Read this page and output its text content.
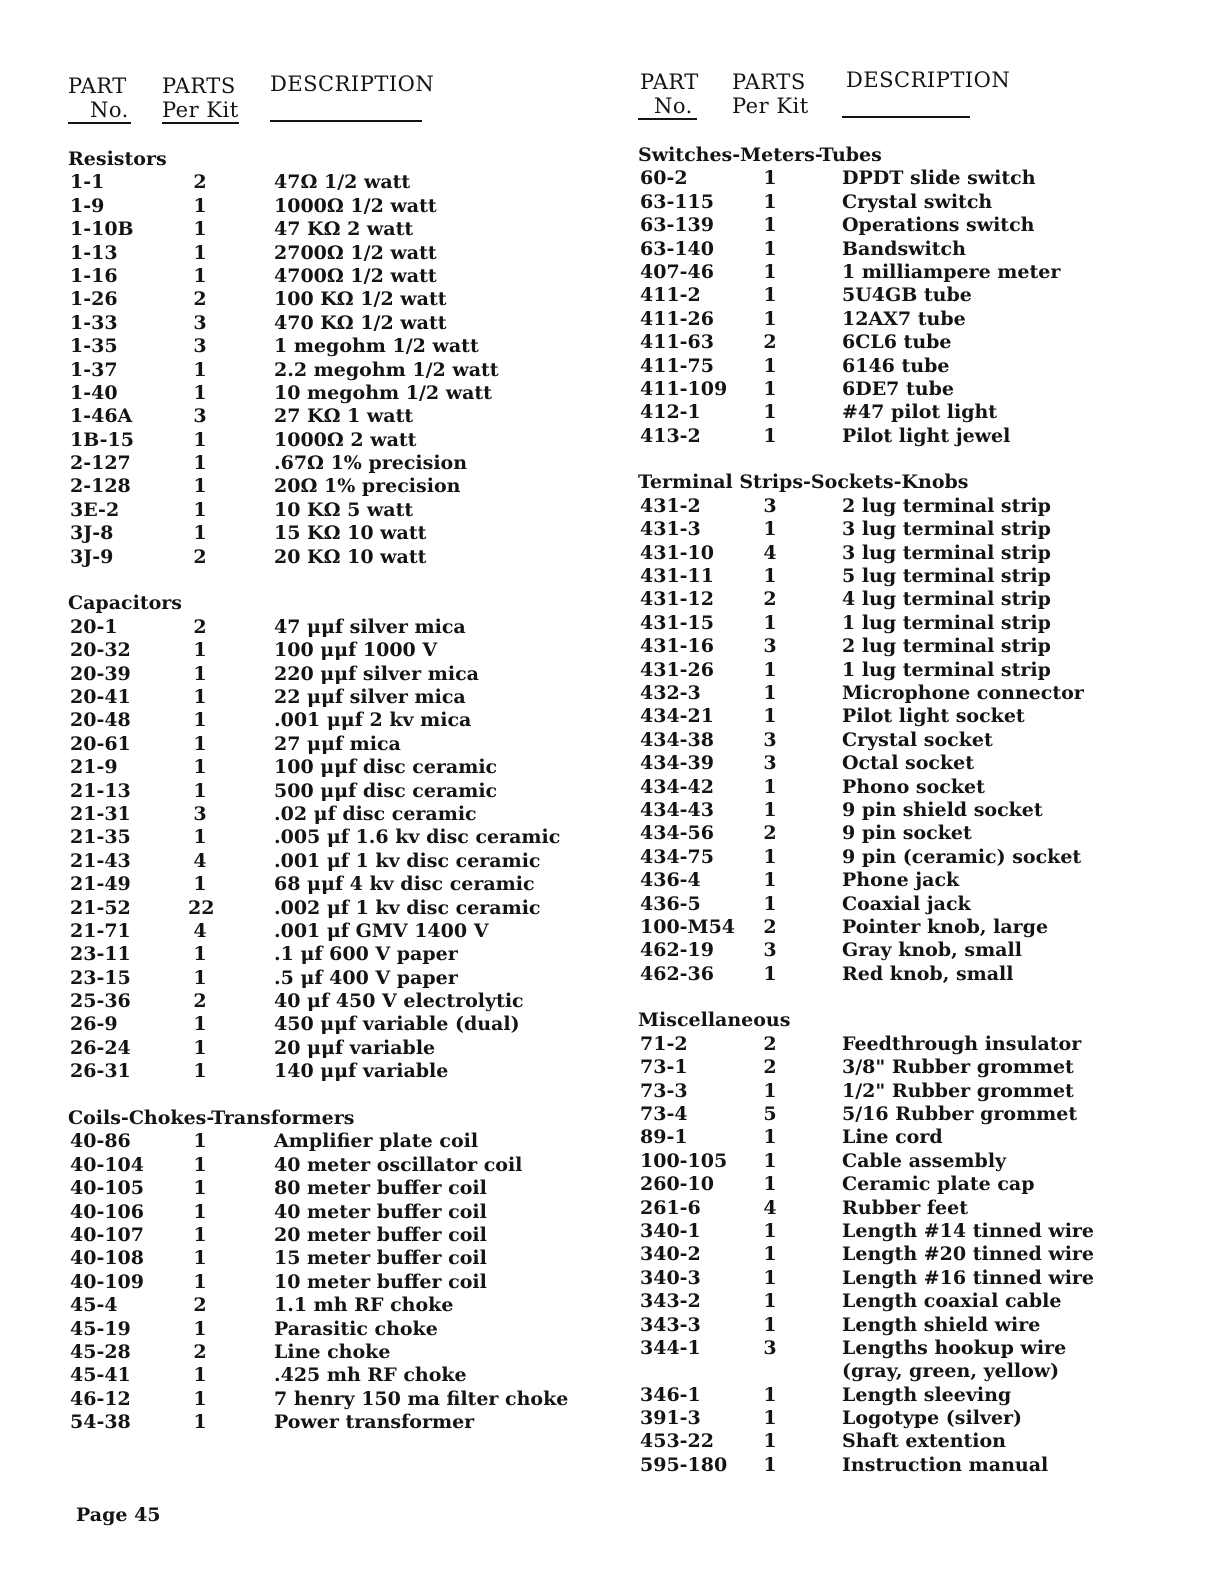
PART
No.
PARTS
Per Kit
DESCRIPTION
Resistors
1-1	2	47Ω 1/2 watt
1-9	1	1000Ω 1/2 watt
1-10B	1	47 KΩ 2 watt
1-13	1	2700Ω 1/2 watt
1-16	1	4700Ω 1/2 watt
1-26	2	100 KΩ 1/2 watt
1-33	3	470 KΩ 1/2 watt
1-35	3	1 megohm 1/2 watt
1-37	1	2.2 megohm 1/2 watt
1-40	1	10 megohm 1/2 watt
1-46A	3	27 KΩ 1 watt
1B-15	1	1000Ω 2 watt
2-127	1	.67Ω 1% precision
2-128	1	20Ω 1% precision
3E-2	1	10 KΩ 5 watt
3J-8	1	15 KΩ 10 watt
3J-9	2	20 KΩ 10 watt
Capacitors
20-1	2	47 μμf silver mica
20-32	1	100 μμf 1000 V
20-39	1	220 μμf silver mica
20-41	1	22 μμf silver mica
20-48	1	.001 μμf 2 kv mica
20-61	1	27 μμf mica
21-9	1	100 μμf disc ceramic
21-13	1	500 μμf disc ceramic
21-31	3	.02 μf disc ceramic
21-35	1	.005 μf 1.6 kv disc ceramic
21-43	4	.001 μf 1 kv disc ceramic
21-49	1	68 μμf 4 kv disc ceramic
21-52	22	.002 μf 1 kv disc ceramic
21-71	4	.001 μf GMV 1400 V
23-11	1	.1 μf 600 V paper
23-15	1	.5 μf 400 V paper
25-36	2	40 μf 450 V electrolytic
26-9	1	450 μμf variable (dual)
26-24	1	20 μμf variable
26-31	1	140 μμf variable
Coils-Chokes-Transformers
40-86	1	Amplifier plate coil
40-104	1	40 meter oscillator coil
40-105	1	80 meter buffer coil
40-106	1	40 meter buffer coil
40-107	1	20 meter buffer coil
40-108	1	15 meter buffer coil
40-109	1	10 meter buffer coil
45-4	2	1.1 mh RF choke
45-19	1	Parasitic choke
45-28	2	Line choke
45-41	1	.425 mh RF choke
46-12	1	7 henry 150 ma filter choke
54-38	1	Power transformer
PART
No.
PARTS
Per Kit
DESCRIPTION
Switches-Meters-Tubes
60-2	1	DPDT slide switch
63-115	1	Crystal switch
63-139	1	Operations switch
63-140	1	Bandswitch
407-46	1	1 milliampere meter
411-2	1	5U4GB tube
411-26	1	12AX7 tube
411-63	2	6CL6 tube
411-75	1	6146 tube
411-109 1	6DE7 tube
412-1	1	#47 pilot light
413-2	1	Pilot light jewel
Terminal Strips-Sockets-Knobs
431-2	3	2 lug terminal strip
431-3	1	3 lug terminal strip
431-10	4	3 lug terminal strip
431-11	1	5 lug terminal strip
431-12	2	4 lug terminal strip
431-15	1	1 lug terminal strip
431-16	3	2 lug terminal strip
431-26	1	1 lug terminal strip
432-3	1	Microphone connector
434-21	1	Pilot light socket
434-38	3	Crystal socket
434-39	3	Octal socket
434-42	1	Phono socket
434-43	1	9 pin shield socket
434-56	2	9 pin socket
434-75	1	9 pin (ceramic) socket
436-4	1	Phone jack
436-5	1	Coaxial jack
100-M54 2	Pointer knob, large
462-19	3	Gray knob, small
462-36	1	Red knob, small
Miscellaneous
71-2	2	Feedthrough insulator
73-1	2	3/8" Rubber grommet
73-3	1	1/2" Rubber grommet
73-4	5	5/16 Rubber grommet
89-1	1	Line cord
100-105 1	Cable assembly
260-10	1	Ceramic plate cap
261-6	4	Rubber feet
340-1	1	Length #14 tinned wire
340-2	1	Length #20 tinned wire
340-3	1	Length #16 tinned wire
343-2	1	Length coaxial cable
343-3	1	Length shield wire
344-1	3	Lengths hookup wire
(gray, green, yellow)
346-1	1	Length sleeving
391-3	1	Logotype (silver)
453-22	1	Shaft extention
595-180 1	Instruction manual
Page 45
